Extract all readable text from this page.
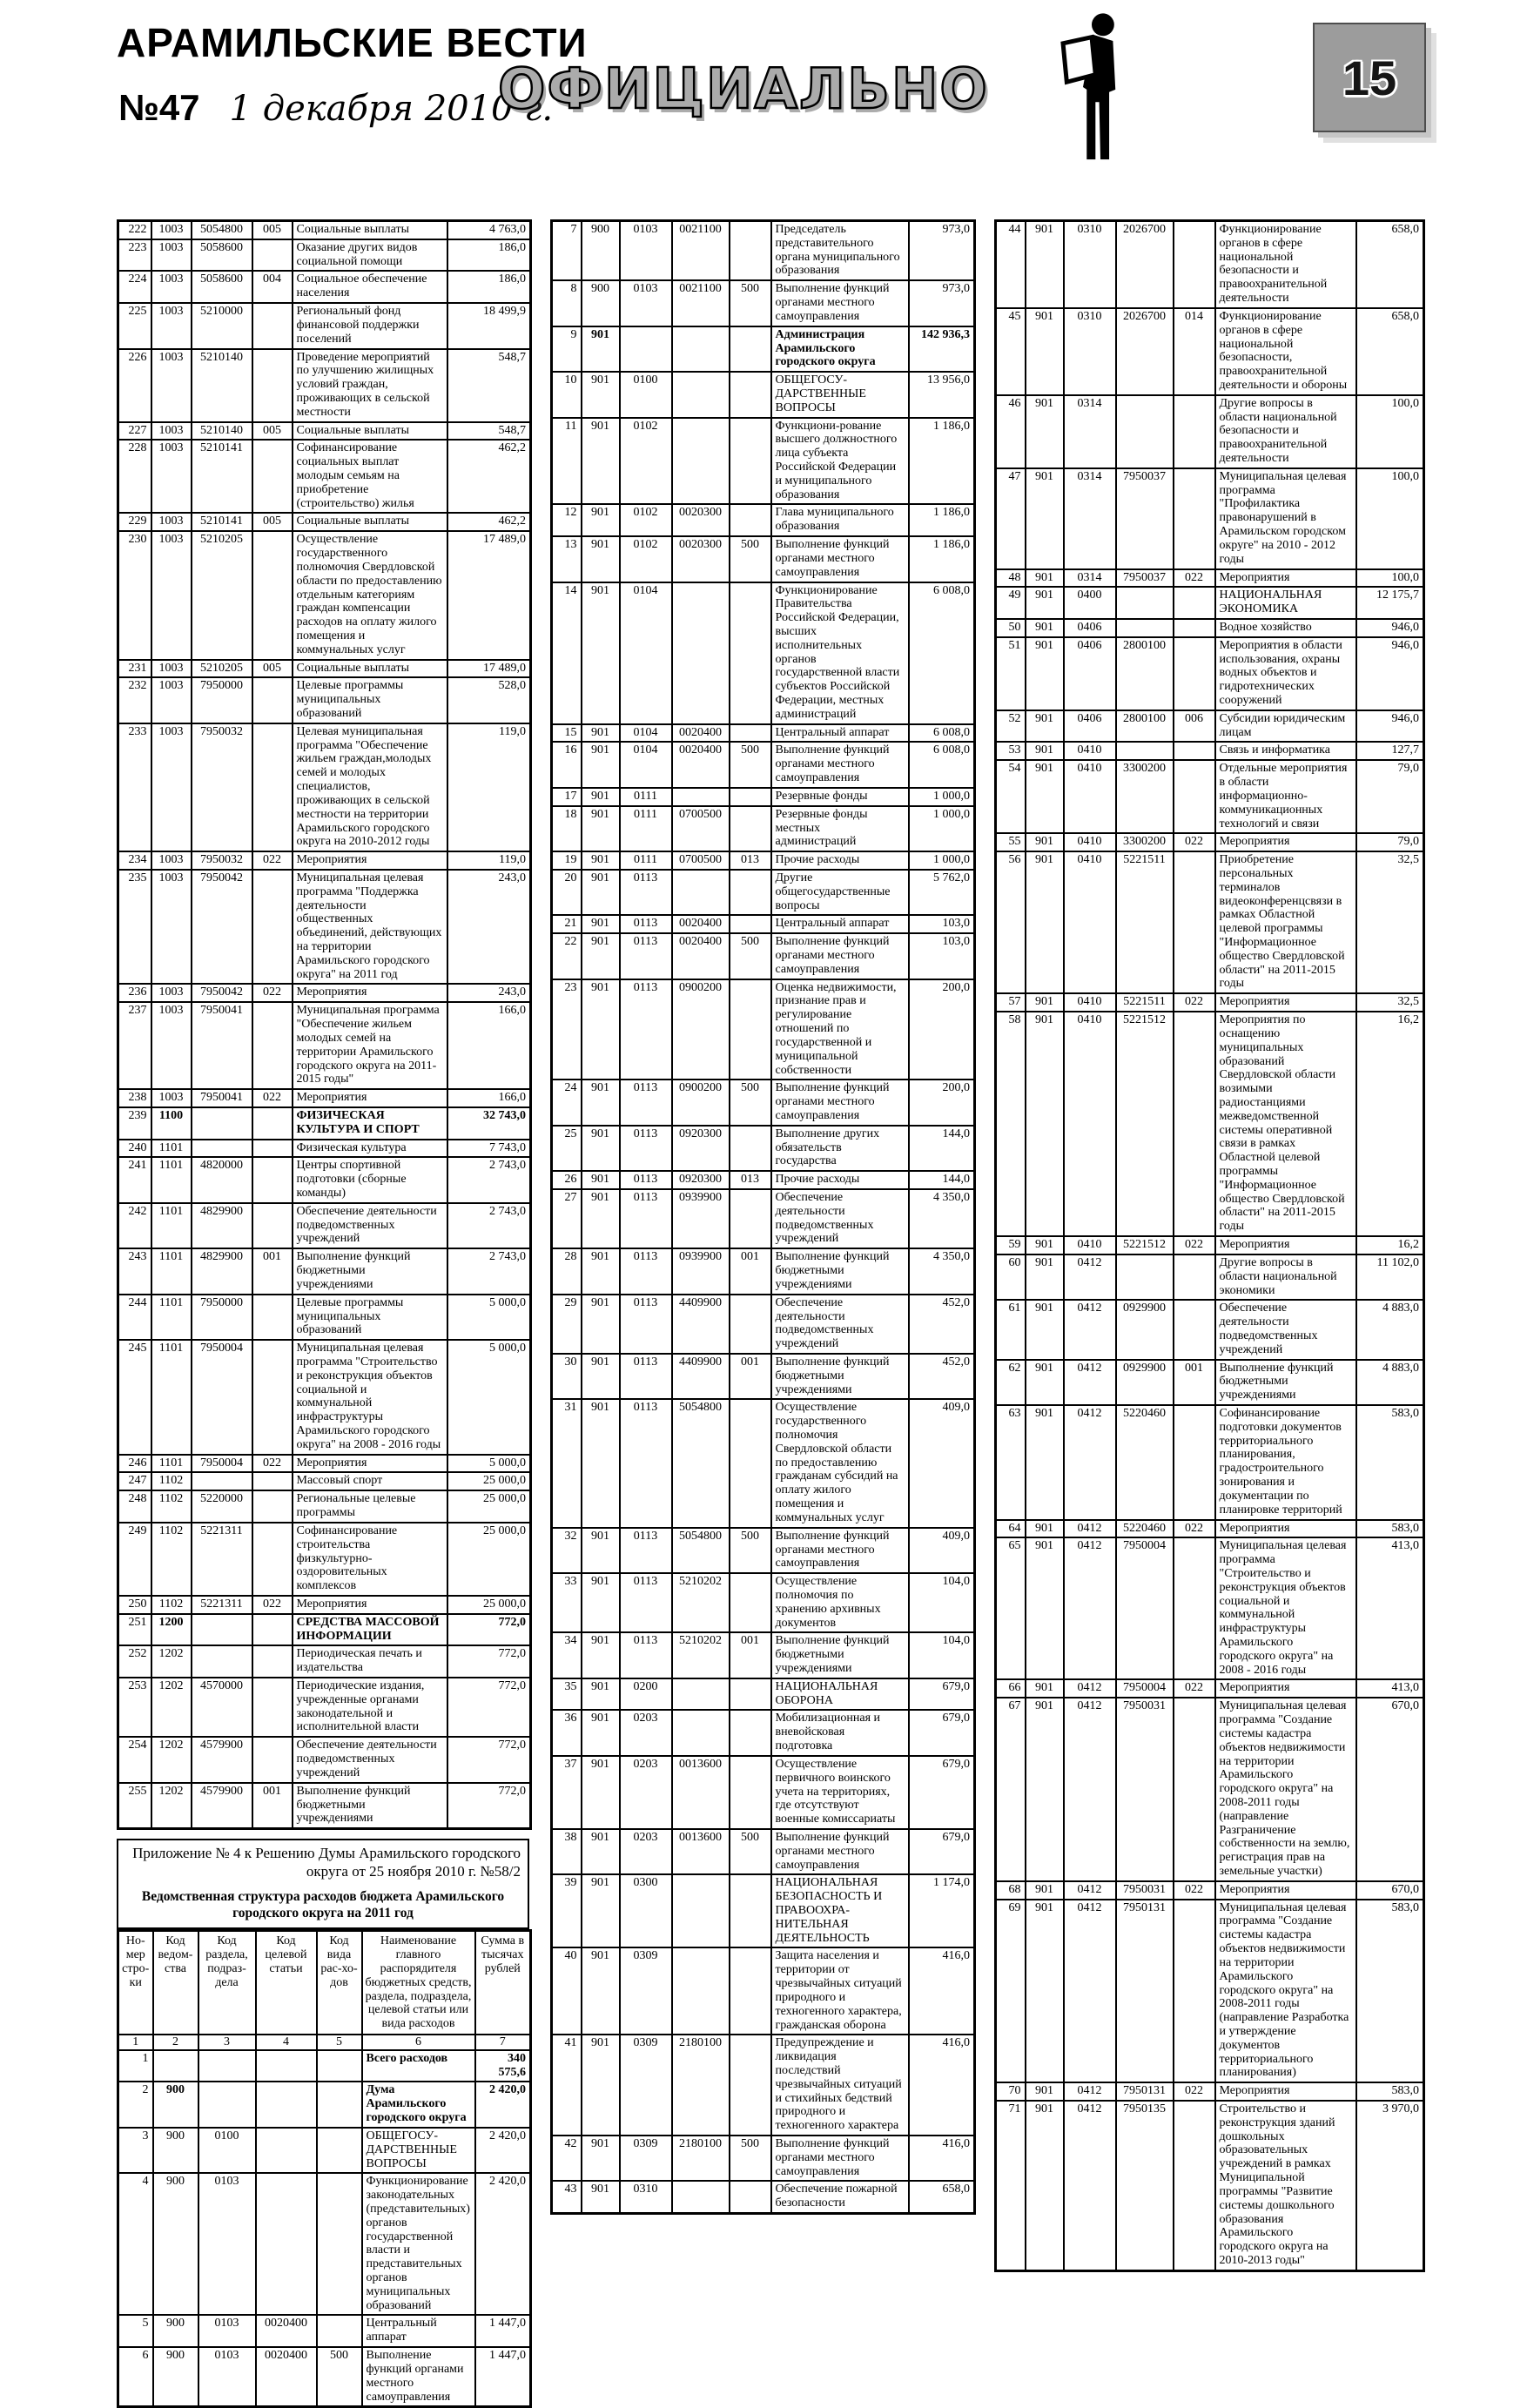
АРАМИЛЬСКИЕ ВЕСТИ
№47 1 декабря 2010 г.
ОФИЦИАЛЬНО	15
222	1003	5054800	005	Социальные выплаты	4 763,0
223	1003	5058600		Оказание других видов социальной помощи	186,0
224	1003	5058600	004	Социальное обеспечение населения	186,0
225	1003	5210000		Региональный фонд финансовой поддержки поселений	18 499,9
226	1003	5210140		Проведение мероприятий по улучшению жилищных условий граждан, проживающих в сельской местности	548,7
227	1003	5210140	005	Социальные выплаты	548,7
228	1003	5210141		Софинансирование социальных выплат молодым семьям на приобретение (строительство) жилья	462,2
229	1003	5210141	005	Социальные выплаты	462,2
230	1003	5210205		Осуществление государственного полномочия Свердловской области по предоставлению отдельным категориям граждан компенсации расходов на оплату жилого помещения и коммунальных услуг	17 489,0
231	1003	5210205	005	Социальные выплаты	17 489,0
232	1003	7950000		Целевые программы муниципальных образований	528,0
233	1003	7950032		Целевая муниципальная программа "Обеспечение жильем граждан,молодых семей и молодых специалистов, проживающих в сельской местности на территории Арамильского городского округа на 2010-2012 годы	119,0
234	1003	7950032	022	Мероприятия	119,0
235	1003	7950042		Муниципальная целевая программа "Поддержка деятельности общественных объединений, действующих на территории Арамильского городского округа" на 2011 год	243,0
236	1003	7950042	022	Мероприятия	243,0
237	1003	7950041		Муниципальная программа "Обеспечение жильем молодых семей на территории Арамильского городского округа на 2011-2015 годы"	166,0
238	1003	7950041	022	Мероприятия	166,0
239	1100			ФИЗИЧЕСКАЯ КУЛЬТУРА И СПОРТ	32 743,0
240	1101			Физическая культура	7 743,0
241	1101	4820000		Центры спортивной подготовки (сборные команды)	2 743,0
242	1101	4829900		Обеспечение деятельности подведомственных учреждений	2 743,0
243	1101	4829900	001	Выполнение функций бюджетными учреждениями	2 743,0
244	1101	7950000		Целевые программы муниципальных образований	5 000,0
245	1101	7950004		Муниципальная целевая программа "Строительство и реконструкция объектов социальной и коммунальной инфраструктуры Арамильского городского округа" на 2008 - 2016 годы	5 000,0
246	1101	7950004	022	Мероприятия	5 000,0
247	1102			Массовый спорт	25 000,0
248	1102	5220000		Региональные целевые программы	25 000,0
249	1102	5221311		Софинансирование строительства физкультурно-оздоровительных комплексов	25 000,0
250	1102	5221311	022	Мероприятия	25 000,0
251	1200			СРЕДСТВА МАССОВОЙ ИНФОРМАЦИИ	772,0
252	1202			Периодическая печать и издательства	772,0
253	1202	4570000		Периодические издания, учрежденные органами законодательной и исполнительной власти	772,0
254	1202	4579900		Обеспечение деятельности подведомственных учреждений	772,0
255	1202	4579900	001	Выполнение функций бюджетными учреждениями	772,0
Приложение № 4 к Решению Думы Арамильского городского округа от 25 ноября 2010 г. №58/2
Ведомственная структура расходов бюджета Арамильского городского округа на 2011 год
Но-мер стро-ки	Код ведом-ства	Код раздела, подраз-дела	Код целевой статьи	Код вида рас-хо-дов	Наименование главного распорядителя бюджетных средств, раздела, подраздела, целевой статьи или вида расходов	Сумма в тысячах рублей
1	2	3	4	5	6	7
1					Всего расходов	340 575,6
2	900				Дума Арамильского городского округа	2 420,0
3	900	0100			ОБЩЕГОСУ-ДАРСТВЕННЫЕ ВОПРОСЫ	2 420,0
4	900	0103			Функционирование законодательных (представительных) органов государственной власти и представительных органов муниципальных образований	2 420,0
5	900	0103	0020400		Центральный аппарат	1 447,0
6	900	0103	0020400	500	Выполнение функций органами местного самоуправления	1 447,0
7	900	0103	0021100		Председатель представительного органа муниципального образования	973,0
8	900	0103	0021100	500	Выполнение функций органами местного самоуправления	973,0
9	901				Администрация Арамильского городского округа	142 936,3
10	901	0100			ОБЩЕГОСУ-ДАРСТВЕННЫЕ ВОПРОСЫ	13 956,0
11	901	0102			Функциони-рование высшего должностного лица субъекта Российской Федерации и муниципального образования	1 186,0
12	901	0102	0020300		Глава муниципального образования	1 186,0
13	901	0102	0020300	500	Выполнение функций органами местного самоуправления	1 186,0
14	901	0104			Функционирование Правительства Российской Федерации, высших исполнительных органов государственной власти субъектов Российской Федерации, местных администраций	6 008,0
15	901	0104	0020400		Центральный аппарат	6 008,0
16	901	0104	0020400	500	Выполнение функций органами местного самоуправления	6 008,0
17	901	0111			Резервные фонды	1 000,0
18	901	0111	0700500		Резервные фонды местных администраций	1 000,0
19	901	0111	0700500	013	Прочие расходы	1 000,0
20	901	0113			Другие общегосударственные вопросы	5 762,0
21	901	0113	0020400		Центральный аппарат	103,0
22	901	0113	0020400	500	Выполнение функций органами местного самоуправления	103,0
23	901	0113	0900200		Оценка недвижимости, признание прав и регулирование отношений по государственной и муниципальной собственности	200,0
24	901	0113	0900200	500	Выполнение функций органами местного самоуправления	200,0
25	901	0113	0920300		Выполнение других обязательств государства	144,0
26	901	0113	0920300	013	Прочие расходы	144,0
27	901	0113	0939900		Обеспечение деятельности подведомственных учреждений	4 350,0
28	901	0113	0939900	001	Выполнение функций бюджетными учреждениями	4 350,0
29	901	0113	4409900		Обеспечение деятельности подведомственных учреждений	452,0
30	901	0113	4409900	001	Выполнение функций бюджетными учреждениями	452,0
31	901	0113	5054800		Осуществление государственного полномочия Свердловской области по предоставлению гражданам субсидий на оплату жилого помещения и коммунальных услуг	409,0
32	901	0113	5054800	500	Выполнение функций органами местного самоуправления	409,0
33	901	0113	5210202		Осуществление полномочия по хранению архивных документов	104,0
34	901	0113	5210202	001	Выполнение функций бюджетными учреждениями	104,0
35	901	0200			НАЦИОНАЛЬНАЯ ОБОРОНА	679,0
36	901	0203			Мобилизационная и вневойсковая подготовка	679,0
37	901	0203	0013600		Осуществление первичного воинского учета на территориях, где отсутствуют военные комиссариаты	679,0
38	901	0203	0013600	500	Выполнение функций органами местного самоуправления	679,0
39	901	0300			НАЦИОНАЛЬНАЯ БЕЗОПАСНОСТЬ И ПРАВООХРА-НИТЕЛЬНАЯ ДЕЯТЕЛЬНОСТЬ	1 174,0
40	901	0309			Защита населения и территории от чрезвычайных ситуаций природного и техногенного характера, гражданская оборона	416,0
41	901	0309	2180100		Предупреждение и ликвидация последствий чрезвычайных ситуаций и стихийных бедствий природного и техногенного характера	416,0
42	901	0309	2180100	500	Выполнение функций органами местного самоуправления	416,0
43	901	0310			Обеспечение пожарной безопасности	658,0
44	901	0310	2026700		Функционирование органов в сфере национальной безопасности и правоохранительной деятельности	658,0
45	901	0310	2026700	014	Функционирование органов в сфере национальной безопасности, правоохранительной деятельности и обороны	658,0
46	901	0314			Другие вопросы в области национальной безопасности и правоохранительной деятельности	100,0
47	901	0314	7950037		Муниципальная целевая программа "Профилактика правонарушений в Арамильском городском округе" на 2010 - 2012 годы	100,0
48	901	0314	7950037	022	Мероприятия	100,0
49	901	0400			НАЦИОНАЛЬНАЯ ЭКОНОМИКА	12 175,7
50	901	0406			Водное хозяйство	946,0
51	901	0406	2800100		Мероприятия в области использования, охраны водных объектов и гидротехнических сооружений	946,0
52	901	0406	2800100	006	Субсидии юридическим лицам	946,0
53	901	0410			Связь и информатика	127,7
54	901	0410	3300200		Отдельные мероприятия в области информационно-коммуникационных технологий и связи	79,0
55	901	0410	3300200	022	Мероприятия	79,0
56	901	0410	5221511		Приобретение персональных терминалов видеоконференцсвязи в рамках Областной целевой программы "Информационное общество Свердловской области" на 2011-2015 годы	32,5
57	901	0410	5221511	022	Мероприятия	32,5
58	901	0410	5221512		Мероприятия по оснащению муниципальных образований Свердловской области возимыми радиостанциями межведомственной системы оперативной связи в рамках Областной целевой программы "Информационное общество Свердловской области" на 2011-2015 годы	16,2
59	901	0410	5221512	022	Мероприятия	16,2
60	901	0412			Другие вопросы в области национальной экономики	11 102,0
61	901	0412	0929900		Обеспечение деятельности подведомственных учреждений	4 883,0
62	901	0412	0929900	001	Выполнение функций бюджетными учреждениями	4 883,0
63	901	0412	5220460		Софинансирование подготовки документов территориального планирования, градостроительного зонирования и документации по планировке территорий	583,0
64	901	0412	5220460	022	Мероприятия	583,0
65	901	0412	7950004		Муниципальная целевая программа "Строительство и реконструкция объектов социальной и коммунальной инфраструктуры Арамильского городского округа" на 2008 - 2016 годы	413,0
66	901	0412	7950004	022	Мероприятия	413,0
67	901	0412	7950031		Муниципальная целевая программа "Создание системы кадастра объектов недвижимости на территории Арамильского городского округа" на 2008-2011 годы (направление Разграничение собственности на землю, регистрация прав на земельные участки)	670,0
68	901	0412	7950031	022	Мероприятия	670,0
69	901	0412	7950131		Муниципальная целевая программа "Создание системы кадастра объектов недвижимости на территории Арамильского городского округа" на 2008-2011 годы (направление Разработка и утверждение документов территориального планирования)	583,0
70	901	0412	7950131	022	Мероприятия	583,0
71	901	0412	7950135		Строительство и реконструкция зданий дошкольных образовательных учреждений в рамках Муниципальной программы "Развитие системы дошкольного образования Арамильского городского округа на 2010-2013 годы"	3 970,0
